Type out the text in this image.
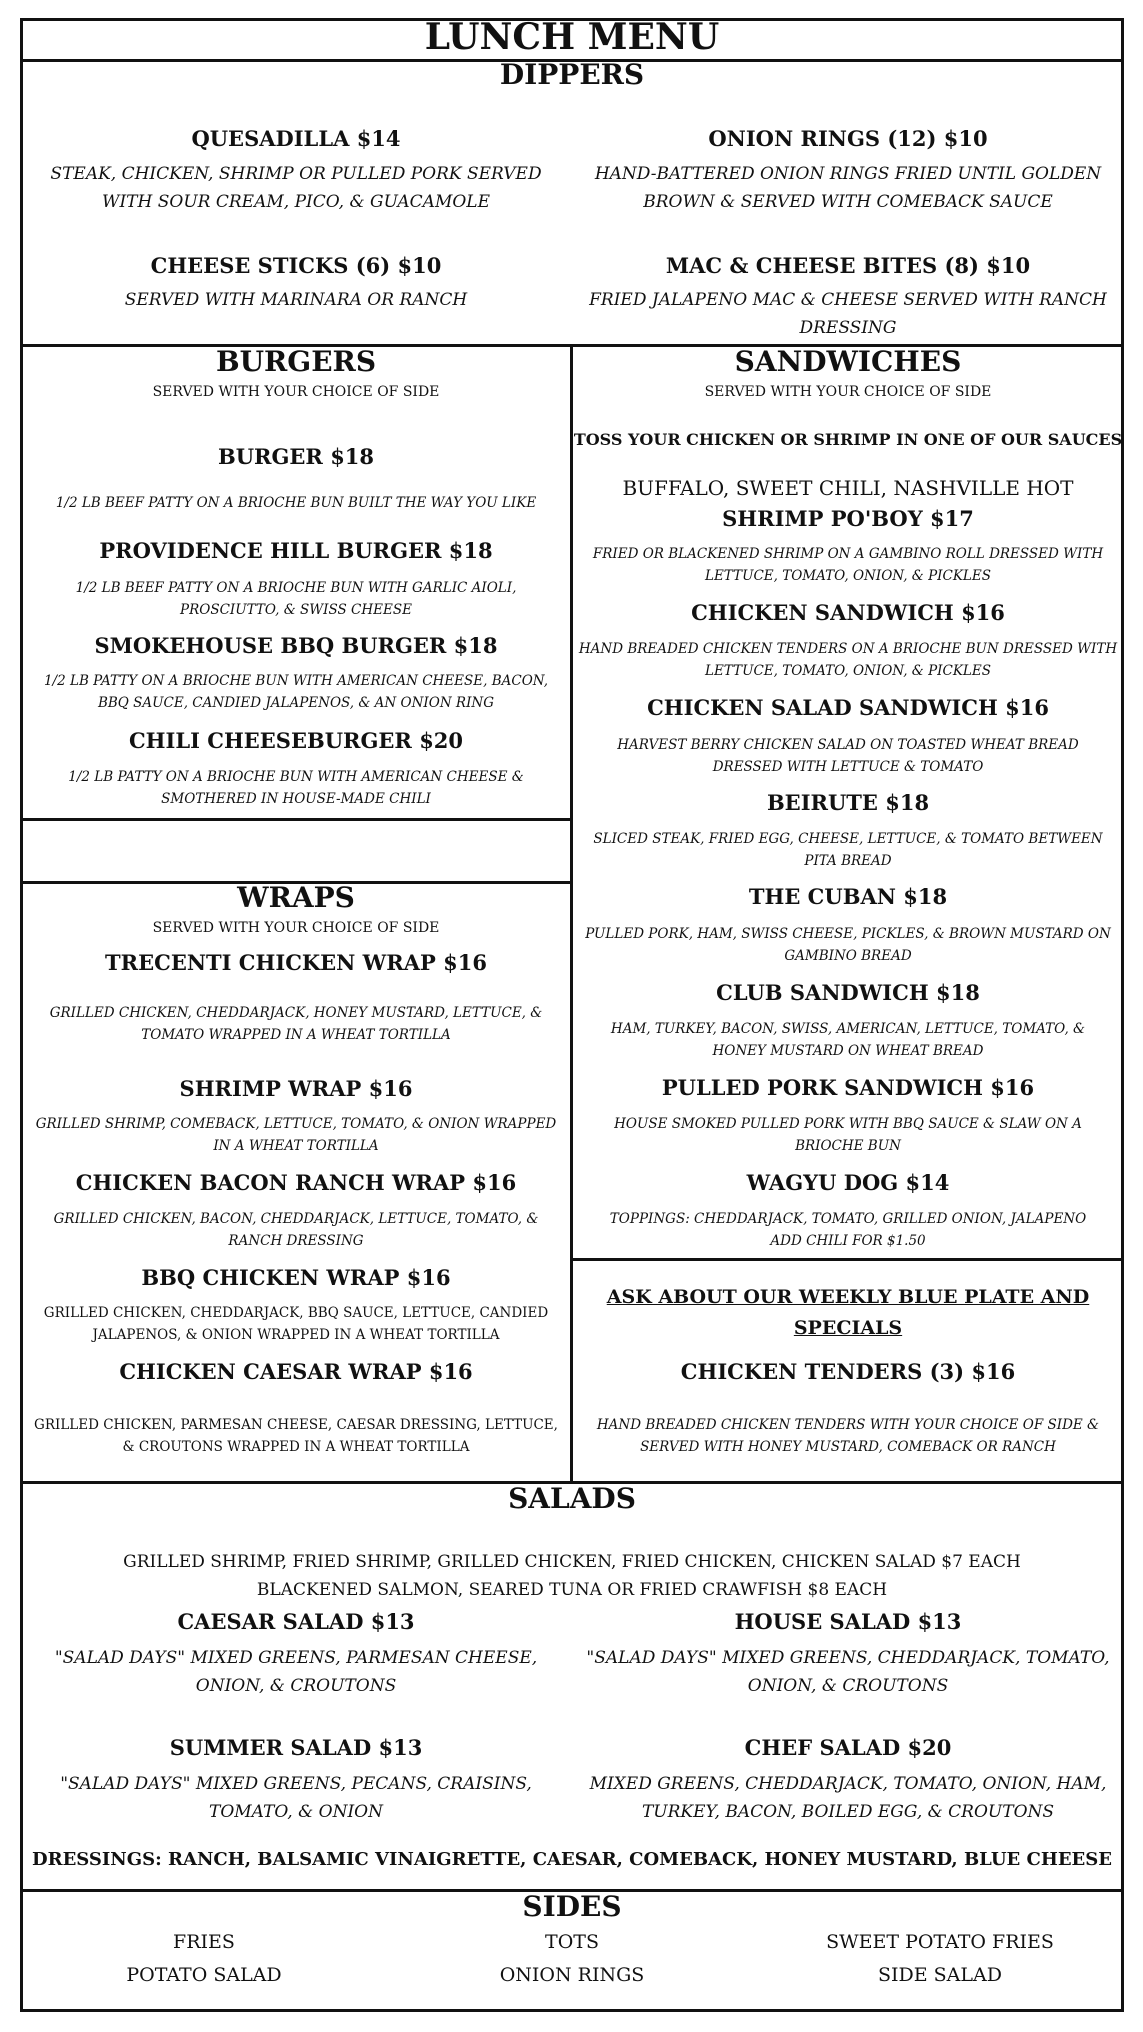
LUNCH MENU
DIPPERS
QUESADILLA $14
STEAK, CHICKEN, SHRIMP OR PULLED PORK SERVED
WITH SOUR CREAM, PICO, & GUACAMOLE
ONION RINGS (12) $10
HAND-BATTERED ONION RINGS FRIED UNTIL GOLDEN
BROWN & SERVED WITH COMEBACK SAUCE
CHEESE STICKS (6) $10
SERVED WITH MARINARA OR RANCH
MAC & CHEESE BITES (8) $10
FRIED JALAPENO MAC & CHEESE SERVED WITH RANCH
DRESSING
BURGERS
SERVED WITH YOUR CHOICE OF SIDE
BURGER $18
1/2 LB BEEF PATTY ON A BRIOCHE BUN BUILT THE WAY YOU LIKE
PROVIDENCE HILL BURGER $18
1/2 LB BEEF PATTY ON A BRIOCHE BUN WITH GARLIC AIOLI,
PROSCIUTTO, & SWISS CHEESE
SMOKEHOUSE BBQ BURGER $18
1/2 LB PATTY ON A BRIOCHE BUN WITH AMERICAN CHEESE, BACON,
BBQ SAUCE, CANDIED JALAPENOS, & AN ONION RING
CHILI CHEESEBURGER $20
1/2 LB PATTY ON A BRIOCHE BUN WITH AMERICAN CHEESE &
SMOTHERED IN HOUSE-MADE CHILI
WRAPS
SERVED WITH YOUR CHOICE OF SIDE
TRECENTI CHICKEN WRAP $16
GRILLED CHICKEN, CHEDDARJACK, HONEY MUSTARD, LETTUCE, &
TOMATO WRAPPED IN A WHEAT TORTILLA
SHRIMP WRAP $16
GRILLED SHRIMP, COMEBACK, LETTUCE, TOMATO, & ONION WRAPPED
IN A WHEAT TORTILLA
CHICKEN BACON RANCH WRAP $16
GRILLED CHICKEN, BACON, CHEDDARJACK, LETTUCE, TOMATO, &
RANCH DRESSING
BBQ CHICKEN WRAP $16
GRILLED CHICKEN, CHEDDARJACK, BBQ SAUCE, LETTUCE, CANDIED
JALAPENOS, & ONION WRAPPED IN A WHEAT TORTILLA
CHICKEN CAESAR WRAP $16
GRILLED CHICKEN, PARMESAN CHEESE, CAESAR DRESSING, LETTUCE,
& CROUTONS WRAPPED IN A WHEAT TORTILLA
SANDWICHES
SERVED WITH YOUR CHOICE OF SIDE
TOSS YOUR CHICKEN OR SHRIMP IN ONE OF OUR SAUCES
BUFFALO, SWEET CHILI, NASHVILLE HOT
SHRIMP PO'BOY $17
FRIED OR BLACKENED SHRIMP ON A GAMBINO ROLL DRESSED WITH
LETTUCE, TOMATO, ONION, & PICKLES
CHICKEN SANDWICH $16
HAND BREADED CHICKEN TENDERS ON A BRIOCHE BUN DRESSED WITH
LETTUCE, TOMATO, ONION, & PICKLES
CHICKEN SALAD SANDWICH $16
HARVEST BERRY CHICKEN SALAD ON TOASTED WHEAT BREAD
DRESSED WITH LETTUCE & TOMATO
BEIRUTE $18
SLICED STEAK, FRIED EGG, CHEESE, LETTUCE, & TOMATO BETWEEN
PITA BREAD
THE CUBAN $18
PULLED PORK, HAM, SWISS CHEESE, PICKLES, & BROWN MUSTARD ON
GAMBINO BREAD
CLUB SANDWICH $18
HAM, TURKEY, BACON, SWISS, AMERICAN, LETTUCE, TOMATO, &
HONEY MUSTARD ON WHEAT BREAD
PULLED PORK SANDWICH $16
HOUSE SMOKED PULLED PORK WITH BBQ SAUCE & SLAW ON A
BRIOCHE BUN
WAGYU DOG $14
TOPPINGS: CHEDDARJACK, TOMATO, GRILLED ONION, JALAPENO
ADD CHILI FOR $1.50
ASK ABOUT OUR WEEKLY BLUE PLATE AND
SPECIALS
CHICKEN TENDERS (3) $16
HAND BREADED CHICKEN TENDERS WITH YOUR CHOICE OF SIDE &
SERVED WITH HONEY MUSTARD, COMEBACK OR RANCH
SALADS
GRILLED SHRIMP, FRIED SHRIMP, GRILLED CHICKEN, FRIED CHICKEN, CHICKEN SALAD $7 EACH
BLACKENED SALMON, SEARED TUNA OR FRIED CRAWFISH $8 EACH
CAESAR SALAD $13
"SALAD DAYS" MIXED GREENS, PARMESAN CHEESE,
ONION, & CROUTONS
HOUSE SALAD $13
"SALAD DAYS" MIXED GREENS, CHEDDARJACK, TOMATO,
ONION, & CROUTONS
SUMMER SALAD $13
"SALAD DAYS" MIXED GREENS, PECANS, CRAISINS,
TOMATO, & ONION
CHEF SALAD $20
MIXED GREENS, CHEDDARJACK, TOMATO, ONION, HAM,
TURKEY, BACON, BOILED EGG, & CROUTONS
DRESSINGS: RANCH, BALSAMIC VINAIGRETTE, CAESAR, COMEBACK, HONEY MUSTARD, BLUE CHEESE
SIDES
FRIES	TOTS	SWEET POTATO FRIES
POTATO SALAD	ONION RINGS	SIDE SALAD
